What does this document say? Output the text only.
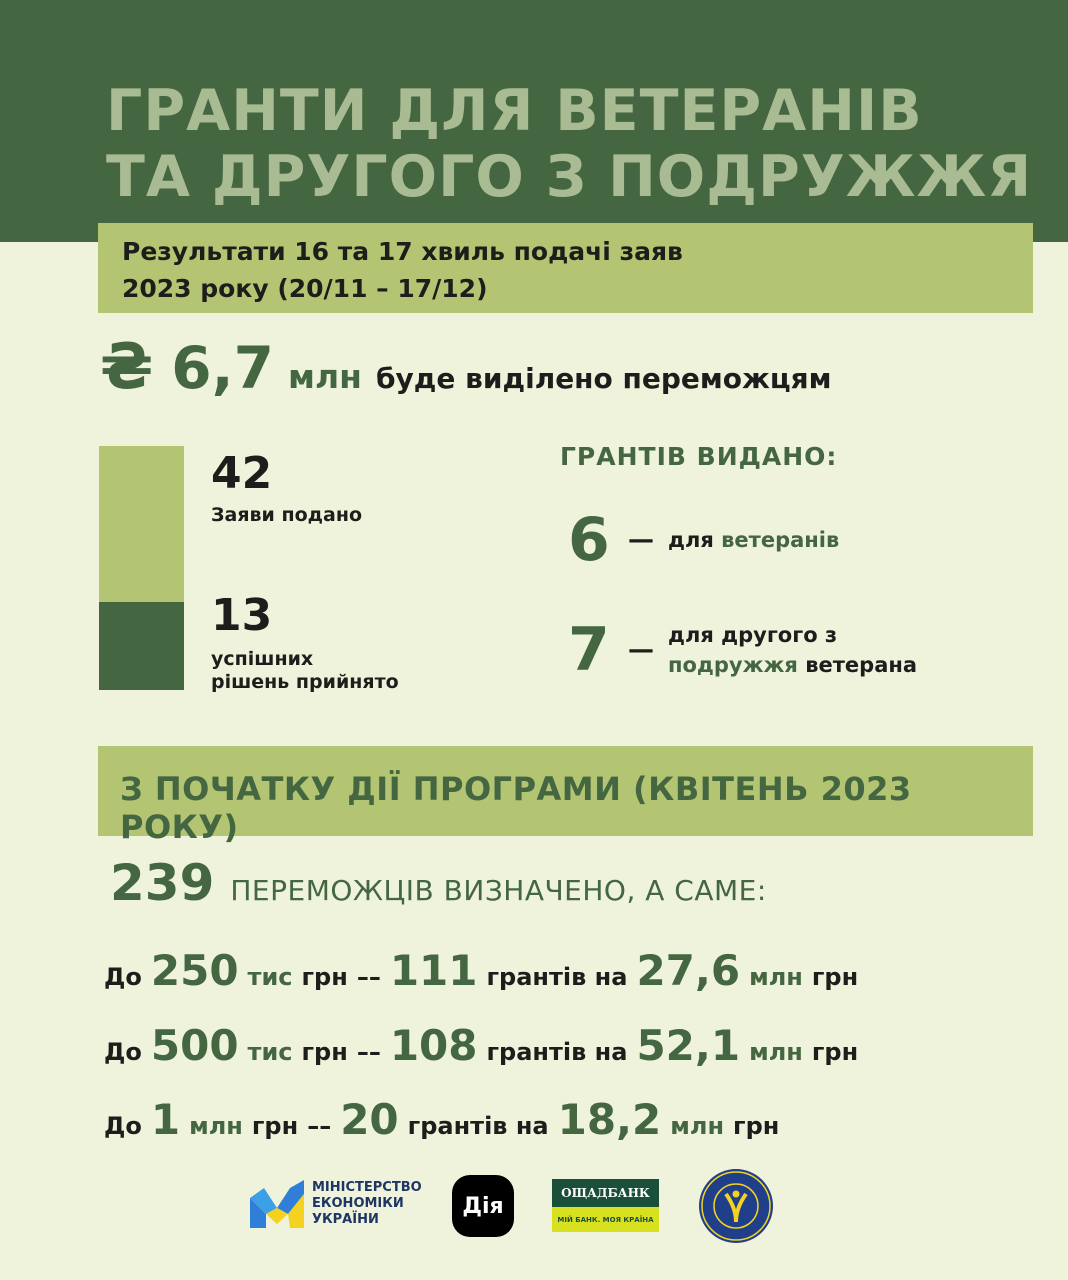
ГРАНТИ ДЛЯ ВЕТЕРАНІВ
ТА ДРУГОГО З ПОДРУЖЖЯ
Результати 16 та 17 хвиль подачі заяв
2023 року (20/11 – 17/12)
₴ 6,7 млн буде виділено переможцям
42
Заяви подано
13
успішних
рішень прийнято
ГРАНТІВ ВИДАНО:
6 — для ветеранів
7 — для другого з
подружжя ветерана
З ПОЧАТКУ ДІЇ ПРОГРАМИ (КВІТЕНЬ 2023 РОКУ)
239 ПЕРЕМОЖЦІВ ВИЗНАЧЕНО, А САМЕ:
До 250 тис грн –– 111 грантів на 27,6 млн грн
До 500 тис грн –– 108 грантів на 52,1 млн грн
До 1 млн грн –– 20 грантів на 18,2 млн грн
МІНІСТЕРСТВО
ЕКОНОМІКИ
УКРАЇНИ
Дія
ОЩАДБАНК
МІЙ БАНК. МОЯ КРАЇНА
